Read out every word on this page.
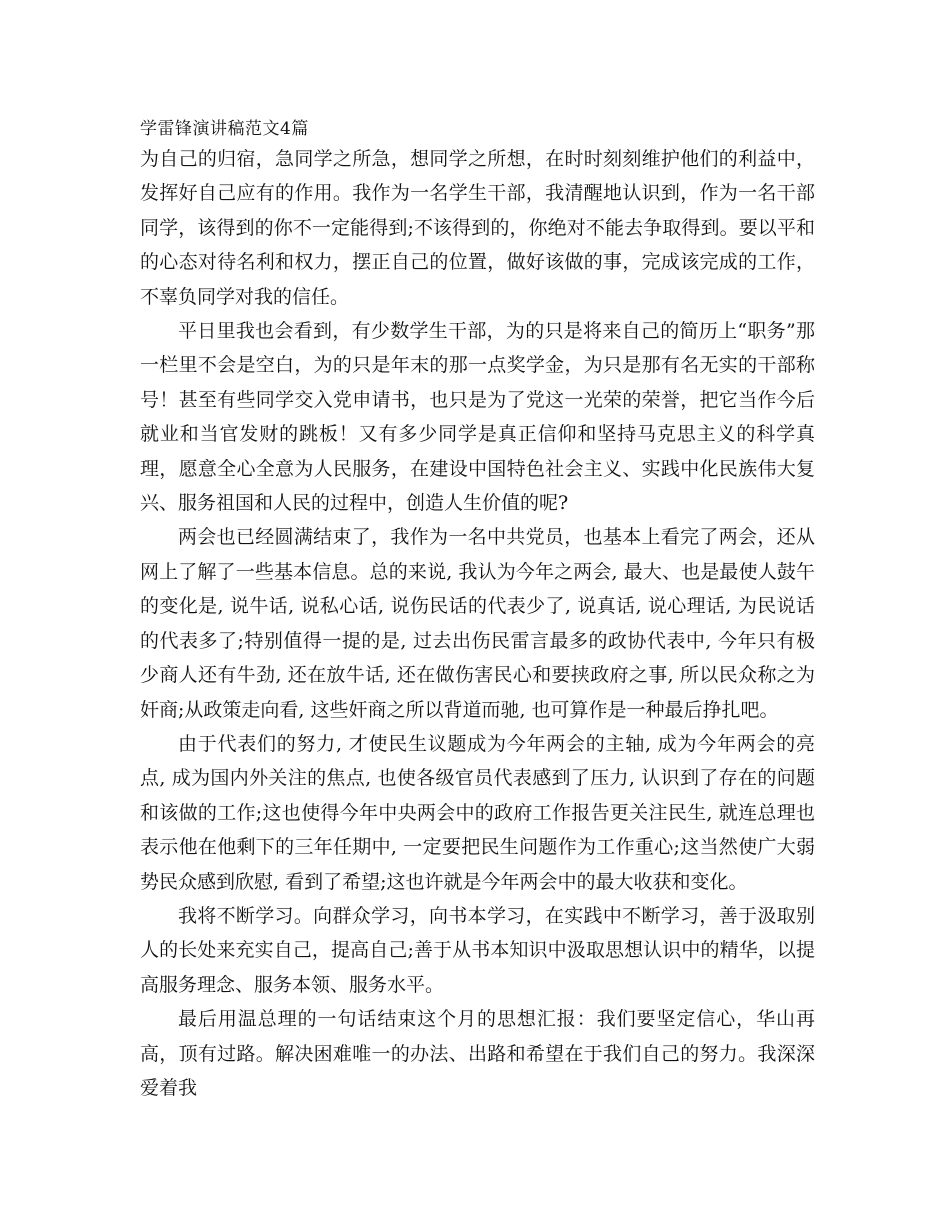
学雷锋演讲稿范文4篇

为自己的归宿，急同学之所急，想同学之所想，在时时刻刻维护他们的利益中，发挥好自己应有的作用。我作为一名学生干部，我清醒地认识到，作为一名干部同学，该得到的你不一定能得到;不该得到的，你绝对不能去争取得到。要以平和的心态对待名利和权力，摆正自己的位置，做好该做的事，完成该完成的工作，不辜负同学对我的信任。

平日里我也会看到，有少数学生干部，为的只是将来自己的简历上“职务”那一栏里不会是空白，为的只是年末的那一点奖学金，为只是那有名无实的干部称号！甚至有些同学交入党申请书，也只是为了党这一光荣的荣誉，把它当作今后就业和当官发财的跳板！又有多少同学是真正信仰和坚持马克思主义的科学真理，愿意全心全意为人民服务，在建设中国特色社会主义、实践中化民族伟大复兴、服务祖国和人民的过程中，创造人生价值的呢?

两会也已经圆满结束了，我作为一名中共党员，也基本上看完了两会，还从网上了解了一些基本信息。总的来说, 我认为今年之两会, 最大、也是最使人鼓午的变化是, 说牛话, 说私心话, 说伤民话的代表少了, 说真话, 说心理话, 为民说话的代表多了;特别值得一提的是, 过去出伤民雷言最多的政协代表中, 今年只有极少商人还有牛劲, 还在放牛话, 还在做伤害民心和要挟政府之事, 所以民众称之为奸商;从政策走向看, 这些奸商之所以背道而驰, 也可算作是一种最后挣扎吧。

由于代表们的努力, 才使民生议题成为今年两会的主轴, 成为今年两会的亮点, 成为国内外关注的焦点, 也使各级官员代表感到了压力, 认识到了存在的问题和该做的工作;这也使得今年中央两会中的政府工作报告更关注民生, 就连总理也表示他在他剩下的三年任期中, 一定要把民生问题作为工作重心;这当然使广大弱势民众感到欣慰, 看到了希望;这也许就是今年两会中的最大收获和变化。

我将不断学习。向群众学习，向书本学习，在实践中不断学习，善于汲取别人的长处来充实自己，提高自己;善于从书本知识中汲取思想认识中的精华，以提高服务理念、服务本领、服务水平。

最后用温总理的一句话结束这个月的思想汇报：我们要坚定信心，华山再高，顶有过路。解决困难唯一的办法、出路和希望在于我们自己的努力。我深深爱着我
